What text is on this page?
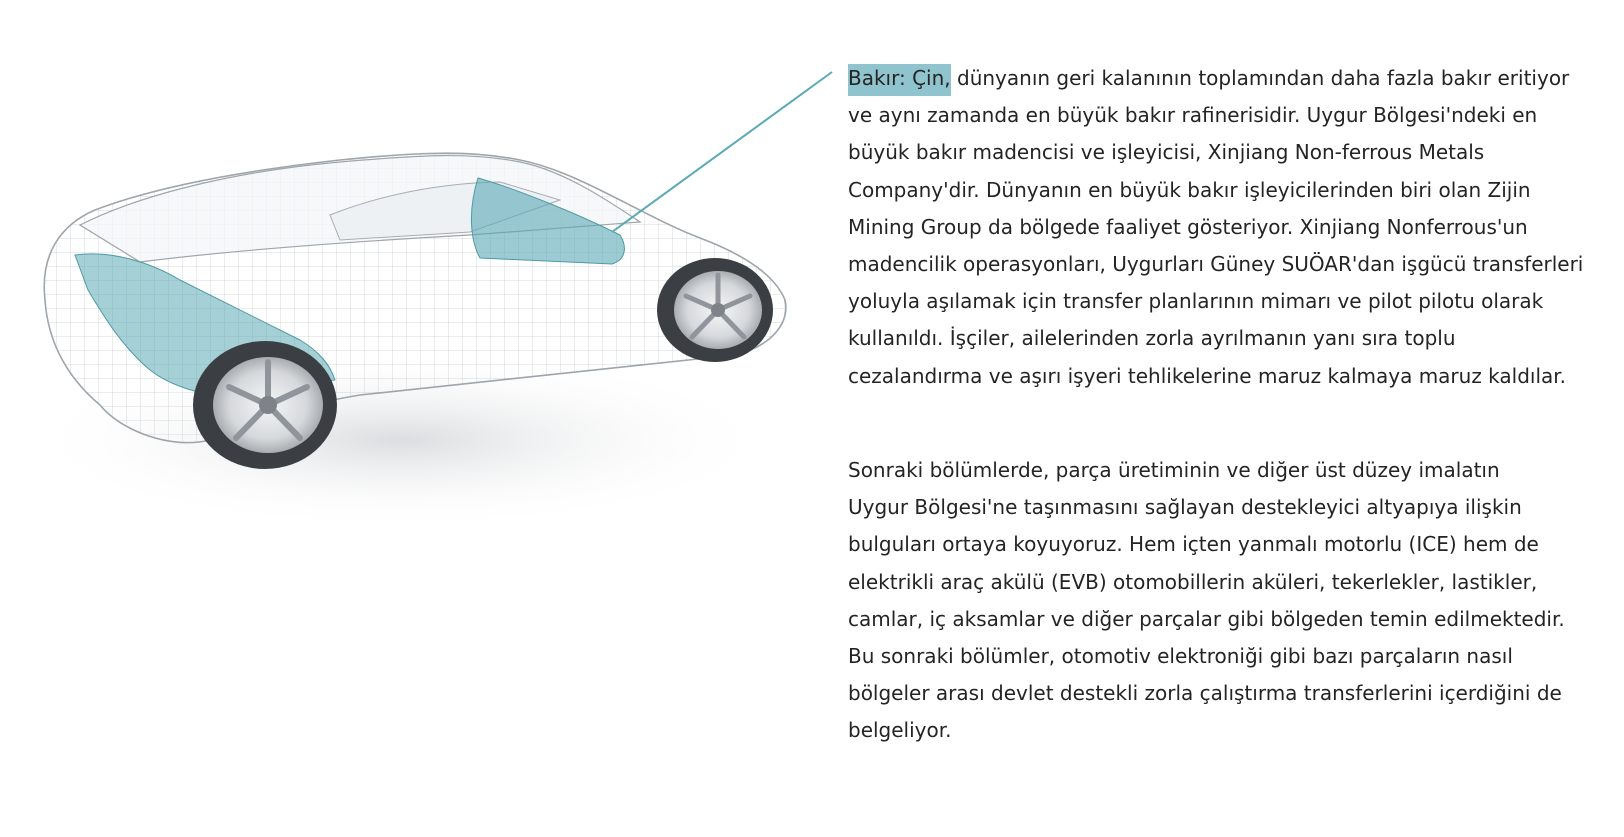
Bakır: Çin, dünyanın geri kalanının toplamından daha fazla bakır eritiyor
ve aynı zamanda en büyük bakır rafinerisidir. Uygur Bölgesi'ndeki en
büyük bakır madencisi ve işleyicisi, Xinjiang Non-ferrous Metals
Company'dir. Dünyanın en büyük bakır işleyicilerinden biri olan Zijin
Mining Group da bölgede faaliyet gösteriyor. Xinjiang Nonferrous'un
madencilik operasyonları, Uygurları Güney SUÖAR'dan işgücü transferleri
yoluyla aşılamak için transfer planlarının mimarı ve pilot pilotu olarak
kullanıldı. İşçiler, ailelerinden zorla ayrılmanın yanı sıra toplu
cezalandırma ve aşırı işyeri tehlikelerine maruz kalmaya maruz kaldılar.
Sonraki bölümlerde, parça üretiminin ve diğer üst düzey imalatın
Uygur Bölgesi'ne taşınmasını sağlayan destekleyici altyapıya ilişkin
bulguları ortaya koyuyoruz. Hem içten yanmalı motorlu (ICE) hem de
elektrikli araç akülü (EVB) otomobillerin aküleri, tekerlekler, lastikler,
camlar, iç aksamlar ve diğer parçalar gibi bölgeden temin edilmektedir.
Bu sonraki bölümler, otomotiv elektroniği gibi bazı parçaların nasıl
bölgeler arası devlet destekli zorla çalıştırma transferlerini içerdiğini de
belgeliyor.
